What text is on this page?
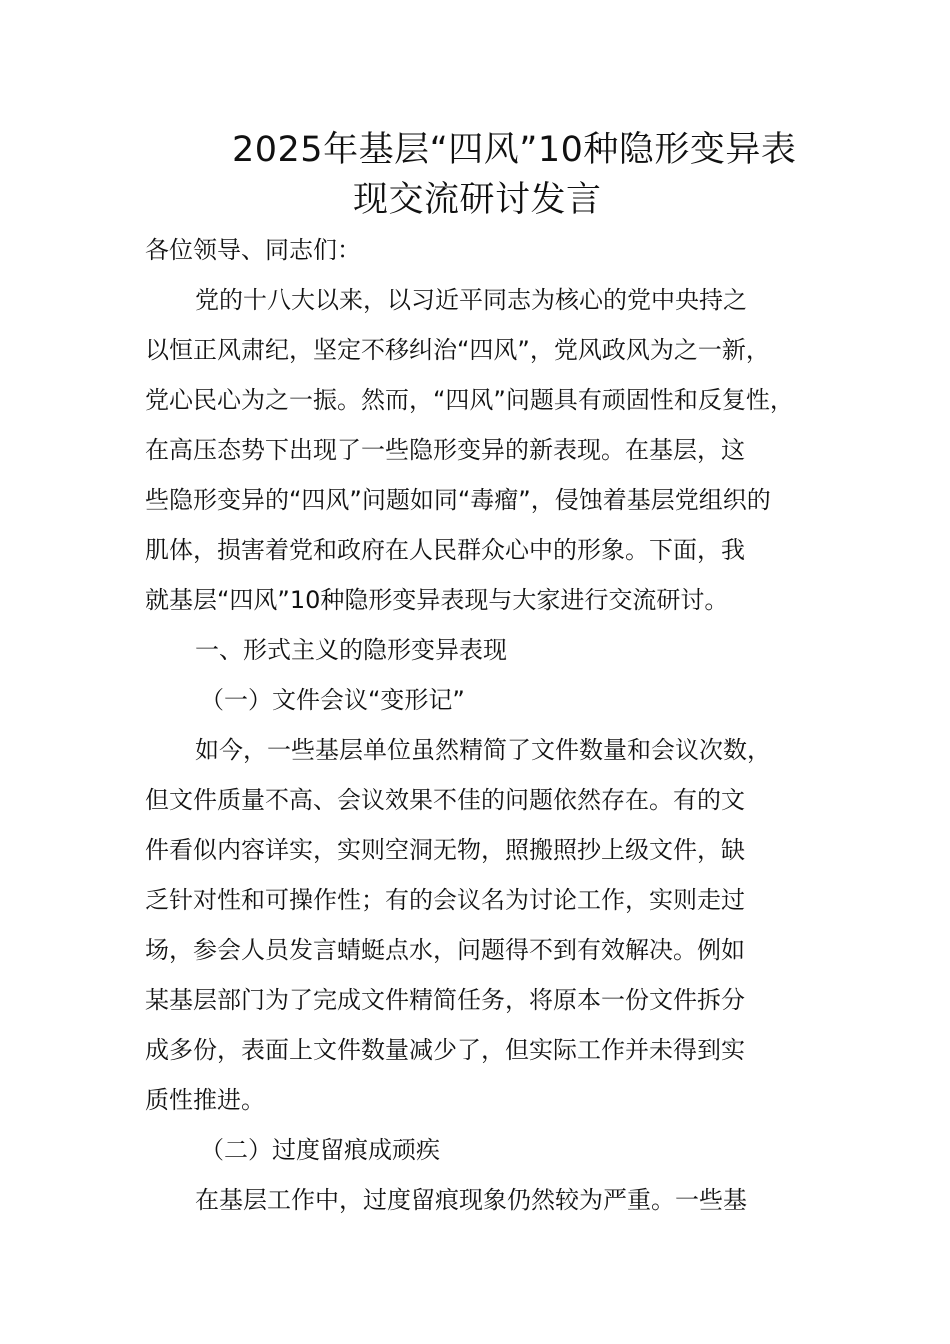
2025年基层“四风”10种隐形变异表
现交流研讨发言
各位领导、同志们：
党的十八大以来，以习近平同志为核心的党中央持之
以恒正风肃纪，坚定不移纠治“四风”，党风政风为之一新，
党心民心为之一振。然而，“四风”问题具有顽固性和反复性，
在高压态势下出现了一些隐形变异的新表现。在基层，这
些隐形变异的“四风”问题如同“毒瘤”，侵蚀着基层党组织的
肌体，损害着党和政府在人民群众心中的形象。下面，我
就基层“四风”10种隐形变异表现与大家进行交流研讨。
一、形式主义的隐形变异表现
（一）文件会议“变形记”
如今，一些基层单位虽然精简了文件数量和会议次数，
但文件质量不高、会议效果不佳的问题依然存在。有的文
件看似内容详实，实则空洞无物，照搬照抄上级文件，缺
乏针对性和可操作性；有的会议名为讨论工作，实则走过
场，参会人员发言蜻蜓点水，问题得不到有效解决。例如
某基层部门为了完成文件精简任务，将原本一份文件拆分
成多份，表面上文件数量减少了，但实际工作并未得到实
质性推进。
（二）过度留痕成顽疾
在基层工作中，过度留痕现象仍然较为严重。一些基
